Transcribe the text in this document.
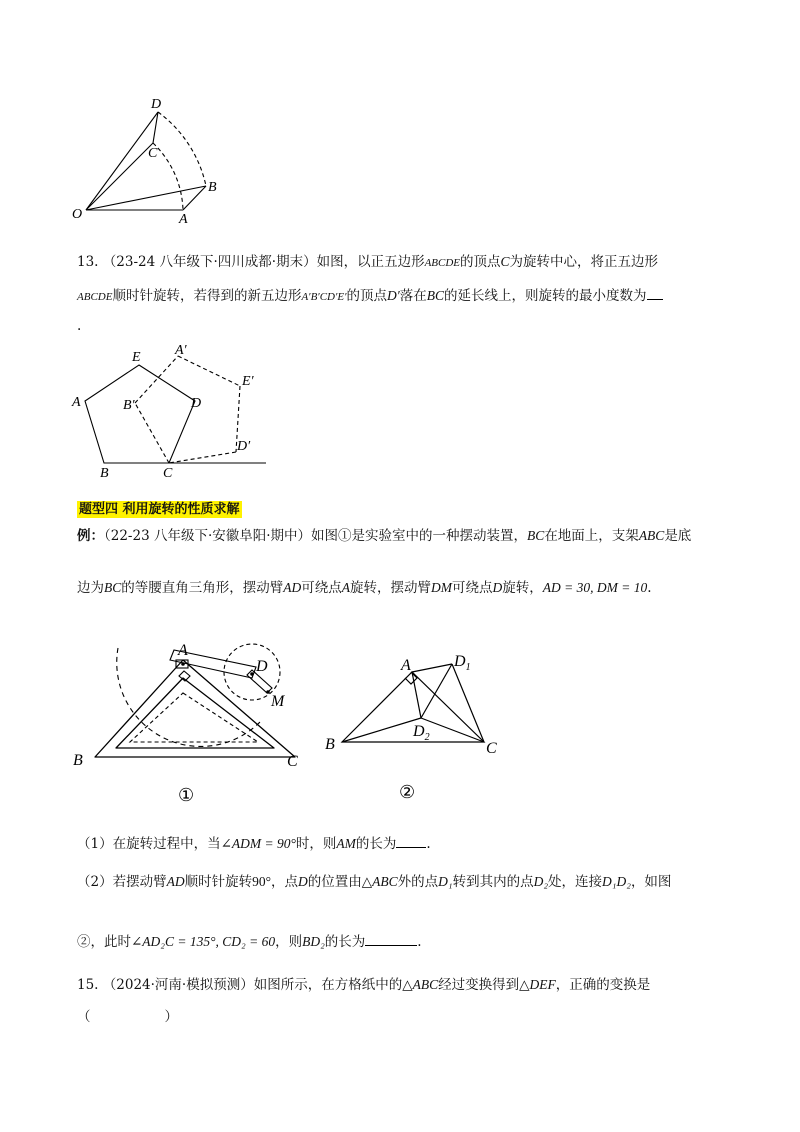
D
C
B
O	A
13. （23-24 八年级下·四川成都·期末）如图，以正五边形ABCDE的顶点C为旋转中心，将正五边形
ABCDE顺时针旋转，若得到的新五边形A′B′CD′E′的顶点D′落在BC的延长线上，则旋转的最小度数为
.
E
A	D
B	C
A′
B′
E′
D′
题型四 利用旋转的性质求解
例：（22-23 八年级下·安徽阜阳·期中）如图①是实验室中的一种摆动装置，BC在地面上，支架ABC是底
边为BC的等腰直角三角形，摆动臂AD可绕点A旋转，摆动臂DM可绕点D旋转，AD = 30, DM = 10.
A
D
M
B	C
①
A	$D_1$
$D_2$
B	C
②
（1）在旋转过程中，当∠ADM = 90°时，则AM的长为 .
（2）若摆动臂AD顺时针旋转90°，点D的位置由△ABC外的点D₁转到其内的点D₂处，连接D₁D₂，如图
②，此时∠AD₂C = 135°, CD₂ = 60，则BD₂的长为	.
15. （2024·河南·模拟预测）如图所示，在方格纸中的△ABC经过变换得到△DEF，正确的变换是
（	）
